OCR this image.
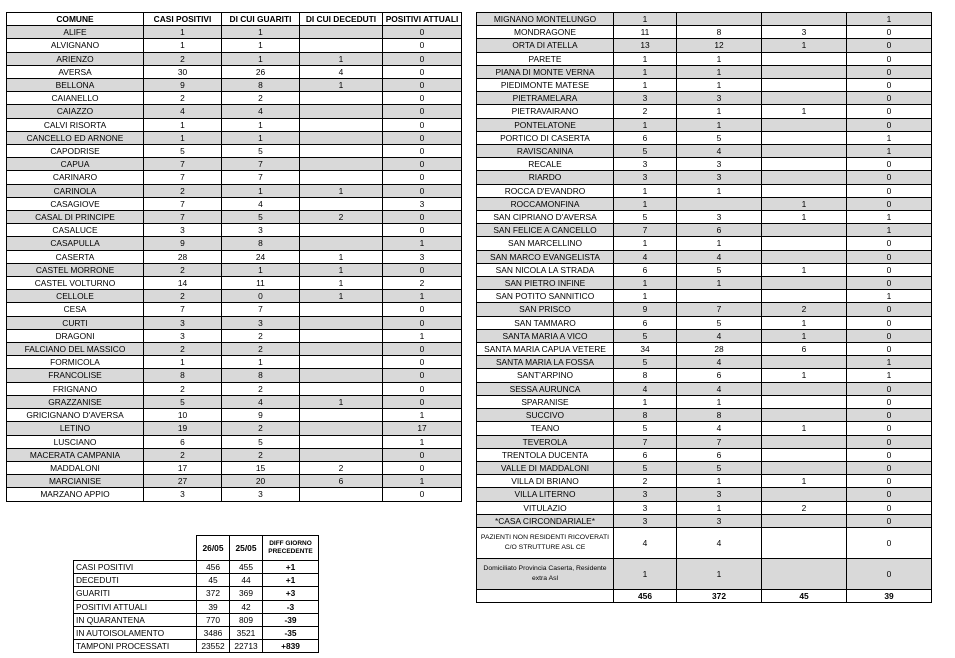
COMUNE	CASI POSITIVI	DI CUI GUARITI	DI CUI DECEDUTI	POSITIVI ATTUALI
ALIFE	1	1		0
ALVIGNANO	1	1		0
ARIENZO	2	1	1	0
AVERSA	30	26	4	0
BELLONA	9	8	1	0
CAIANELLO	2	2		0
CAIAZZO	4	4		0
CALVI RISORTA	1	1		0
CANCELLO ED ARNONE	1	1		0
CAPODRISE	5	5		0
CAPUA	7	7		0
CARINARO	7	7		0
CARINOLA	2	1	1	0
CASAGIOVE	7	4		3
CASAL DI PRINCIPE	7	5	2	0
CASALUCE	3	3		0
CASAPULLA	9	8		1
CASERTA	28	24	1	3
CASTEL MORRONE	2	1	1	0
CASTEL VOLTURNO	14	11	1	2
CELLOLE	2	0	1	1
CESA	7	7		0
CURTI	3	3		0
DRAGONI	3	2		1
FALCIANO DEL MASSICO	2	2		0
FORMICOLA	1	1		0
FRANCOLISE	8	8		0
FRIGNANO	2	2		0
GRAZZANISE	5	4	1	0
GRICIGNANO D'AVERSA	10	9		1
LETINO	19	2		17
LUSCIANO	6	5		1
MACERATA CAMPANIA	2	2		0
MADDALONI	17	15	2	0
MARCIANISE	27	20	6	1
MARZANO APPIO	3	3		0
MIGNANO MONTELUNGO	1			1
MONDRAGONE	11	8	3	0
ORTA DI ATELLA	13	12	1	0
PARETE	1	1		0
PIANA DI MONTE VERNA	1	1		0
PIEDIMONTE MATESE	1	1		0
PIETRAMELARA	3	3		0
PIETRAVAIRANO	2	1	1	0
PONTELATONE	1	1		0
PORTICO DI CASERTA	6	5		1
RAVISCANINA	5	4		1
RECALE	3	3		0
RIARDO	3	3		0
ROCCA D'EVANDRO	1	1		0
ROCCAMONFINA	1		1	0
SAN CIPRIANO D'AVERSA	5	3	1	1
SAN FELICE A CANCELLO	7	6		1
SAN MARCELLINO	1	1		0
SAN MARCO EVANGELISTA	4	4		0
SAN NICOLA LA STRADA	6	5	1	0
SAN PIETRO INFINE	1	1		0
SAN POTITO SANNITICO	1			1
SAN PRISCO	9	7	2	0
SAN TAMMARO	6	5	1	0
SANTA MARIA A VICO	5	4	1	0
SANTA MARIA CAPUA VETERE	34	28	6	0
SANTA MARIA LA FOSSA	5	4		1
SANT'ARPINO	8	6	1	1
SESSA AURUNCA	4	4		0
SPARANISE	1	1		0
SUCCIVO	8	8		0
TEANO	5	4	1	0
TEVEROLA	7	7		0
TRENTOLA DUCENTA	6	6		0
VALLE DI MADDALONI	5	5		0
VILLA DI BRIANO	2	1	1	0
VILLA LITERNO	3	3		0
VITULAZIO	3	1	2	0
*CASA CIRCONDARIALE*	3	3		0
PAZIENTI NON RESIDENTI RICOVERATI C/O STRUTTURE ASL CE	4	4		0
Domiciliato Provincia Caserta, Residente extra Asl	1	1		0
	456	372	45	39
	26/05	25/05	DIFF GIORNO PRECEDENTE
CASI POSITIVI	456	455	+1
DECEDUTI	45	44	+1
GUARITI	372	369	+3
POSITIVI ATTUALI	39	42	-3
IN QUARANTENA	770	809	-39
IN AUTOISOLAMENTO	3486	3521	-35
TAMPONI PROCESSATI	23552	22713	+839
